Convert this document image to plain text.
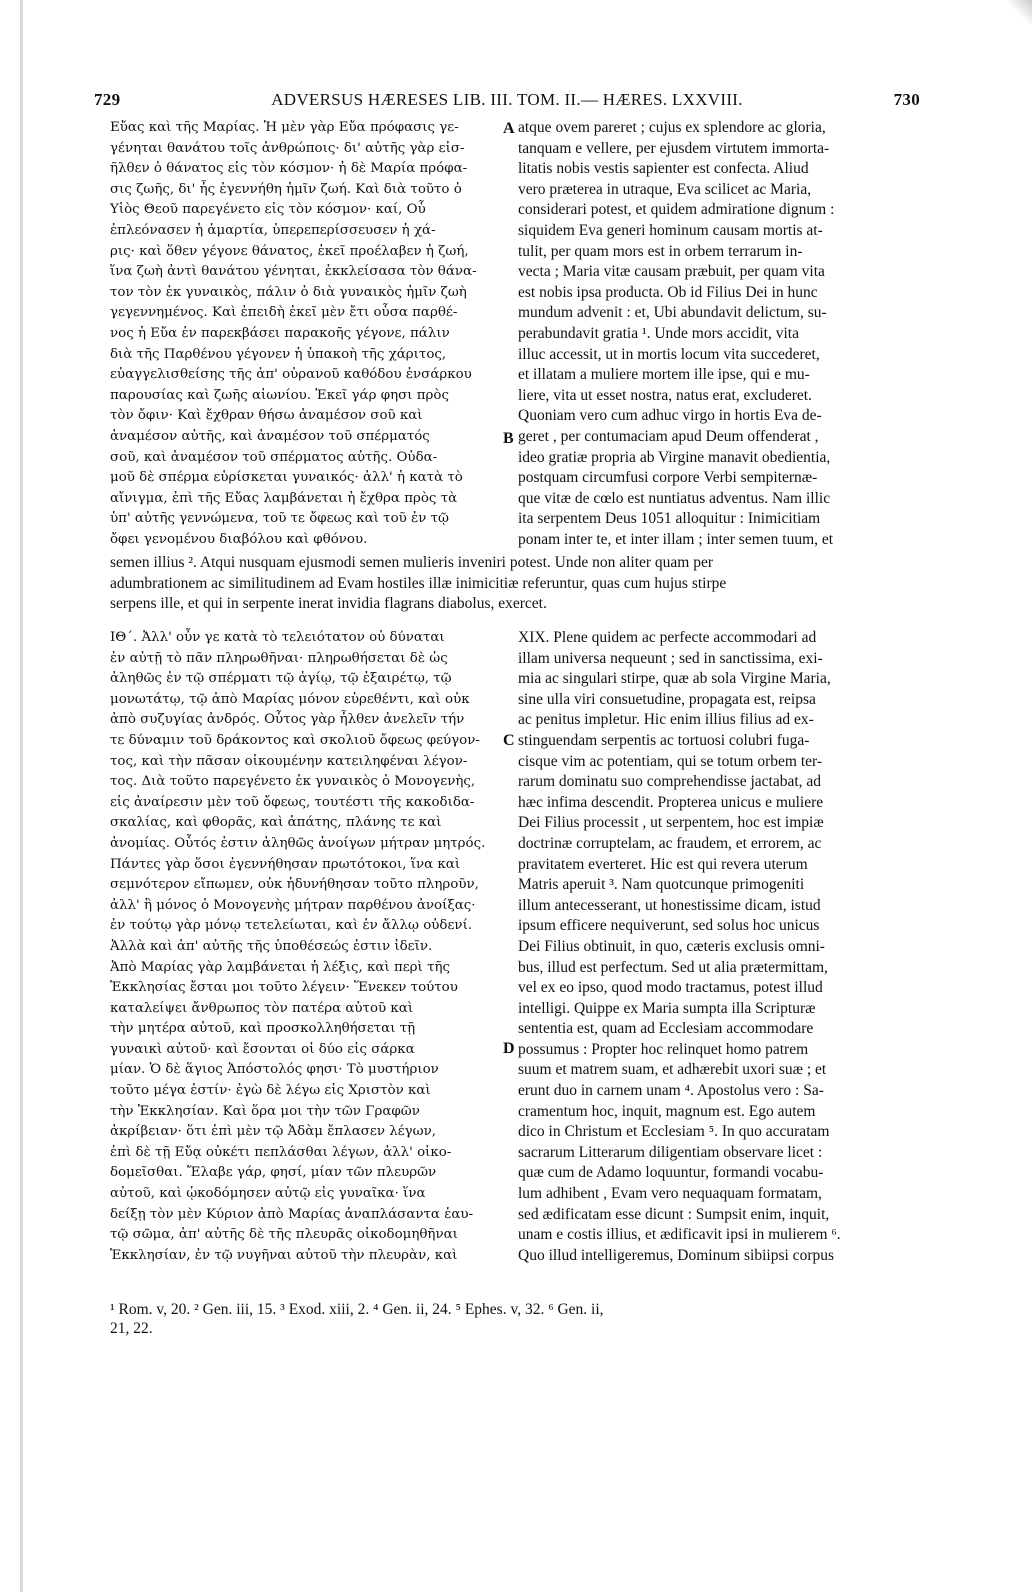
729	ADVERSUS HÆRESES LIB. III. TOM. II.— HÆRES. LXXVIII.	730
Εὔας καὶ τῆς Μαρίας. Ἡ μὲν γὰρ Εὔα πρόφασις γε-
γένηται θανάτου τοῖς ἀνθρώποις· δι' αὐτῆς γὰρ εἰσ-
ῆλθεν ὁ θάνατος εἰς τὸν κόσμον· ἡ δὲ Μαρία πρόφα-
σις ζωῆς, δι' ἧς ἐγεννήθη ἡμῖν ζωή. Καὶ διὰ τοῦτο ὁ
Υἱὸς Θεοῦ παρεγένετο εἰς τὸν κόσμον· καί, Οὗ
ἐπλεόνασεν ἡ ἁμαρτία, ὑπερεπερίσσευσεν ἡ χά-
ρις· καὶ ὅθεν γέγονε θάνατος, ἐκεῖ προέλαβεν ἡ ζωή,
ἵνα ζωὴ ἀντὶ θανάτου γένηται, ἐκκλείσασα τὸν θάνα-
τον τὸν ἐκ γυναικὸς, πάλιν ὁ διὰ γυναικὸς ἡμῖν ζωὴ
γεγεννημένος. Καὶ ἐπειδὴ ἐκεῖ μὲν ἔτι οὖσα παρθέ-
νος ἡ Εὔα ἐν παρεκβάσει παρακοῆς γέγονε, πάλιν
διὰ τῆς Παρθένου γέγονεν ἡ ὑπακοὴ τῆς χάριτος,
εὐαγγελισθείσης τῆς ἀπ' οὐρανοῦ καθόδου ἐνσάρκου
παρουσίας καὶ ζωῆς αἰωνίου. Ἐκεῖ γάρ φησι πρὸς
τὸν ὄφιν· Καὶ ἔχθραν θήσω ἀναμέσον σοῦ καὶ
ἀναμέσον αὐτῆς, καὶ ἀναμέσον τοῦ σπέρματός
σοῦ, καὶ ἀναμέσον τοῦ σπέρματος αὐτῆς. Οὐδα-
μοῦ δὲ σπέρμα εὑρίσκεται γυναικός· ἀλλ' ἡ κατὰ τὸ
αἴνιγμα, ἐπὶ τῆς Εὔας λαμβάνεται ἡ ἔχθρα πρὸς τὰ
ὑπ' αὐτῆς γεννώμενα, τοῦ τε ὄφεως καὶ τοῦ ἐν τῷ
ὄφει γενομένου διαβόλου καὶ φθόνου.
atque ovem pareret ; cujus ex splendore ac gloria,
tanquam e vellere, per ejusdem virtutem immorta-
litatis nobis vestis sapienter est confecta. Aliud
vero præterea in utraque, Eva scilicet ac Maria,
considerari potest, et quidem admiratione dignum :
siquidem Eva generi hominum causam mortis at-
tulit, per quam mors est in orbem terrarum in-
vecta ; Maria vitæ causam præbuit, per quam vita
est nobis ipsa producta. Ob id Filius Dei in hunc
mundum advenit : et, Ubi abundavit delictum, su-
perabundavit gratia ¹. Unde mors accidit, vita
illuc accessit, ut in mortis locum vita succederet,
et illatam a muliere mortem ille ipse, qui e mu-
liere, vita ut esset nostra, natus erat, excluderet.
Quoniam vero cum adhuc virgo in hortis Eva de-
geret , per contumaciam apud Deum offenderat ,
ideo gratiæ propria ab Virgine manavit obedientia,
postquam circumfusi corpore Verbi sempiternæ-
que vitæ de cœlo est nuntiatus adventus. Nam illic
ita serpentem Deus 1051 alloquitur : Inimicitiam
ponam inter te, et inter illam ; inter semen tuum, et
semen illius ². Atqui nusquam ejusmodi semen mulieris inveniri potest. Unde non aliter quam per
adumbrationem ac similitudinem ad Evam hostiles illæ inimicitiæ referuntur, quas cum hujus stirpe
serpens ille, et qui in serpente inerat invidia flagrans diabolus, exercet.
ΙΘ΄. Ἀλλ' οὖν γε κατὰ τὸ τελειότατον οὐ δύναται
ἐν αὐτῇ τὸ πᾶν πληρωθῆναι· πληρωθήσεται δὲ ὡς
ἀληθῶς ἐν τῷ σπέρματι τῷ ἁγίῳ, τῷ ἐξαιρέτῳ, τῷ
μονωτάτῳ, τῷ ἀπὸ Μαρίας μόνον εὑρεθέντι, καὶ οὐκ
ἀπὸ συζυγίας ἀνδρός. Οὗτος γὰρ ἦλθεν ἀνελεῖν τήν
τε δύναμιν τοῦ δράκοντος καὶ σκολιοῦ ὄφεως φεύγον-
τος, καὶ τὴν πᾶσαν οἰκουμένην κατειληφέναι λέγον-
τος. Διὰ τοῦτο παρεγένετο ἐκ γυναικὸς ὁ Μονογενὴς,
εἰς ἀναίρεσιν μὲν τοῦ ὄφεως, τουτέστι τῆς κακοδιδα-
σκαλίας, καὶ φθορᾶς, καὶ ἀπάτης, πλάνης τε καὶ
ἀνομίας. Οὗτός ἐστιν ἀληθῶς ἀνοίγων μήτραν μητρός.
Πάντες γὰρ ὅσοι ἐγεννήθησαν πρωτότοκοι, ἵνα καὶ
σεμνότερον εἴπωμεν, οὐκ ἠδυνήθησαν τοῦτο πληροῦν,
ἀλλ' ἢ μόνος ὁ Μονογενὴς μήτραν παρθένου ἀνοίξας·
ἐν τούτῳ γὰρ μόνῳ τετελείωται, καὶ ἐν ἄλλῳ οὐδενί.
Ἀλλὰ καὶ ἀπ' αὐτῆς τῆς ὑποθέσεώς ἐστιν ἰδεῖν.
Ἀπὸ Μαρίας γὰρ λαμβάνεται ἡ λέξις, καὶ περὶ τῆς
Ἐκκλησίας ἔσται μοι τοῦτο λέγειν· Ἕνεκεν τούτου
καταλείψει ἄνθρωπος τὸν πατέρα αὐτοῦ καὶ
τὴν μητέρα αὐτοῦ, καὶ προσκολληθήσεται τῇ
γυναικὶ αὐτοῦ· καὶ ἔσονται οἱ δύο εἰς σάρκα
μίαν. Ὁ δὲ ἅγιος Ἀπόστολός φησι· Τὸ μυστήριον
τοῦτο μέγα ἐστίν· ἐγὼ δὲ λέγω εἰς Χριστὸν καὶ
τὴν Ἐκκλησίαν. Καὶ ὅρα μοι τὴν τῶν Γραφῶν
ἀκρίβειαν· ὅτι ἐπὶ μὲν τῷ Ἀδὰμ ἔπλασεν λέγων,
ἐπὶ δὲ τῇ Εὔᾳ οὐκέτι πεπλάσθαι λέγων, ἀλλ' οἰκο-
δομεῖσθαι. Ἔλαβε γάρ, φησί, μίαν τῶν πλευρῶν
αὐτοῦ, καὶ ᾠκοδόμησεν αὐτῷ εἰς γυναῖκα· ἵνα
δείξῃ τὸν μὲν Κύριον ἀπὸ Μαρίας ἀναπλάσαντα ἑαυ-
τῷ σῶμα, ἀπ' αὐτῆς δὲ τῆς πλευρᾶς οἰκοδομηθῆναι
Ἐκκλησίαν, ἐν τῷ νυγῆναι αὐτοῦ τὴν πλευρὰν, καὶ
XIX. Plene quidem ac perfecte accommodari ad
illam universa nequeunt ; sed in sanctissima, exi-
mia ac singulari stirpe, quæ ab sola Virgine Maria,
sine ulla viri consuetudine, propagata est, reipsa
ac penitus impletur. Hic enim illius filius ad ex-
stinguendam serpentis ac tortuosi colubri fuga-
cisque vim ac potentiam, qui se totum orbem ter-
rarum dominatu suo comprehendisse jactabat, ad
hæc infima descendit. Propterea unicus e muliere
Dei Filius processit , ut serpentem, hoc est impiæ
doctrinæ corruptelam, ac fraudem, et errorem, ac
pravitatem everteret. Hic est qui revera uterum
Matris aperuit ³. Nam quotcunque primogeniti
illum antecesserant, ut honestissime dicam, istud
ipsum efficere nequiverunt, sed solus hoc unicus
Dei Filius obtinuit, in quo, cæteris exclusis omni-
bus, illud est perfectum. Sed ut alia prætermittam,
vel ex eo ipso, quod modo tractamus, potest illud
intelligi. Quippe ex Maria sumpta illa Scripturæ
sententia est, quam ad Ecclesiam accommodare
possumus : Propter hoc relinquet homo patrem
suum et matrem suam, et adhærebit uxori suæ ; et
erunt duo in carnem unam ⁴. Apostolus vero : Sa-
cramentum hoc, inquit, magnum est. Ego autem
dico in Christum et Ecclesiam ⁵. In quo accuratam
sacrarum Litterarum diligentiam observare licet :
quæ cum de Adamo loquuntur, formandi vocabu-
lum adhibent , Evam vero nequaquam formatam,
sed ædificatam esse dicunt : Sumpsit enim, inquit,
unam e costis illius, et ædificavit ipsi in mulierem ⁶.
Quo illud intelligeremus, Dominum sibiipsi corpus
A
B
C
D
¹ Rom. v, 20. ² Gen. iii, 15. ³ Exod. xiii, 2. ⁴ Gen. ii, 24. ⁵ Ephes. v, 32. ⁶ Gen. ii,
21, 22.
